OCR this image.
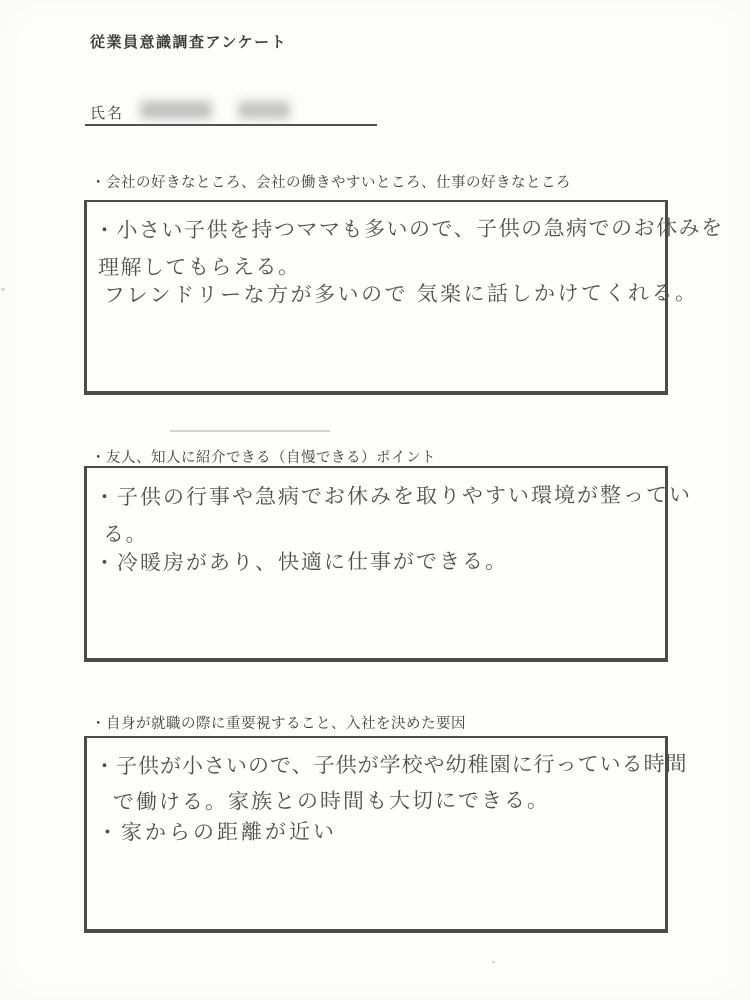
従業員意識調査アンケート
氏名
・会社の好きなところ、会社の働きやすいところ、仕事の好きなところ
・小さい子供を持つママも多いので、子供の急病でのお休みを
理解してもらえる。
フレンドリーな方が多いので 気楽に話しかけてくれる。
・友人、知人に紹介できる（自慢できる）ポイント
・子供の行事や急病でお休みを取りやすい環境が整ってい
る。
・冷暖房があり、快適に仕事ができる。
・自身が就職の際に重要視すること、入社を決めた要因
・子供が小さいので、子供が学校や幼稚園に行っている時間
で働ける。家族との時間も大切にできる。
・家からの距離が近い
